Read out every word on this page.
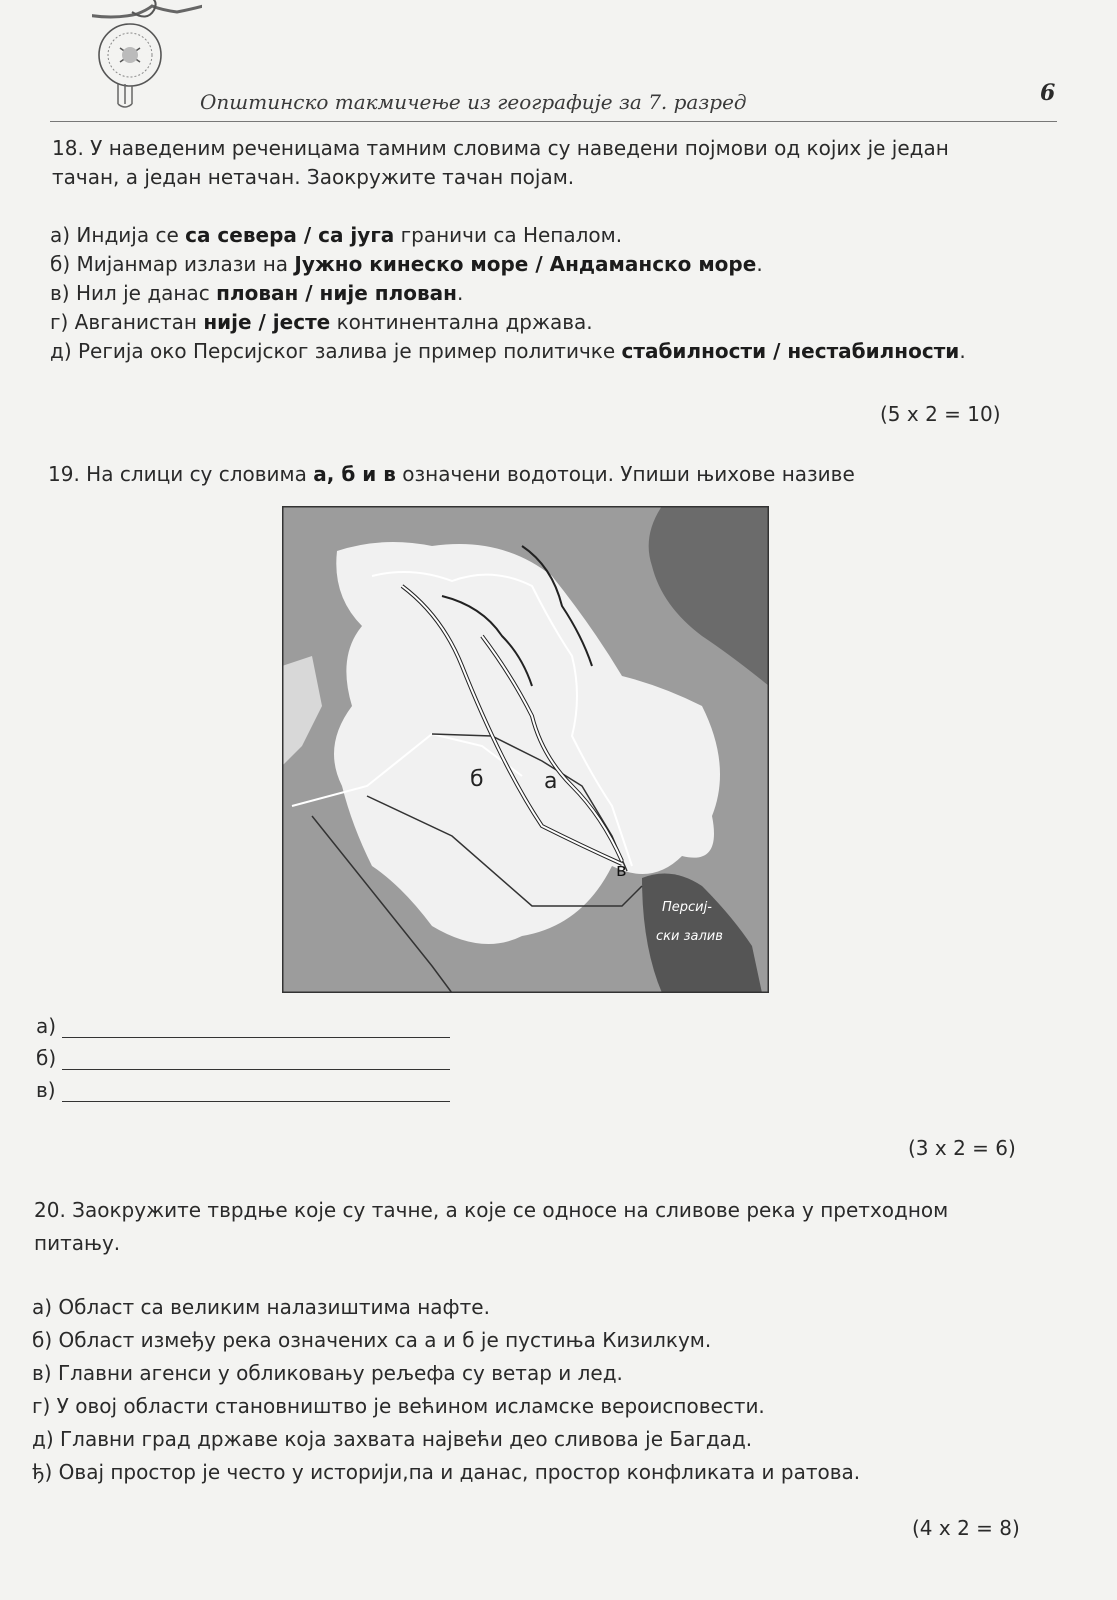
Општинско такмичење из географије за 7. разред	6
18. У наведеним реченицама тамним словима су наведени појмови од којих је један
тачан, а један нетачан. Заокружите тачан појам.
а) Индија се са севера / са југа граничи са Непалом.
б) Мијанмар излази на Јужно кинеско море / Андаманско море.
в) Нил је данас плован / није плован.
г) Авганистан није / јесте континентална држава.
д) Регија око Персијског залива је пример политичке стабилности / нестабилности.
(5 x 2 = 10)
19. На слици су словима а, б и в означени водотоци. Упиши њихове називе
б	а
в
Персиј-
ски залив
а)
б)
в)
(3 x 2 = 6)
20. Заокружите тврдње које су тачне, а које се односе на сливове река у претходном
питању.
а) Област са великим налазиштима нафте.
б) Област између река означених са а и б је пустиња Кизилкум.
в) Главни агенси у обликовању рељефа су ветар и лед.
г) У овој области становништво је већином исламске вероисповести.
д) Главни град државе која захвата највећи део сливова је Багдад.
ђ) Овај простор је често у историји,па и данас, простор конфликата и ратова.
(4 x 2 = 8)
